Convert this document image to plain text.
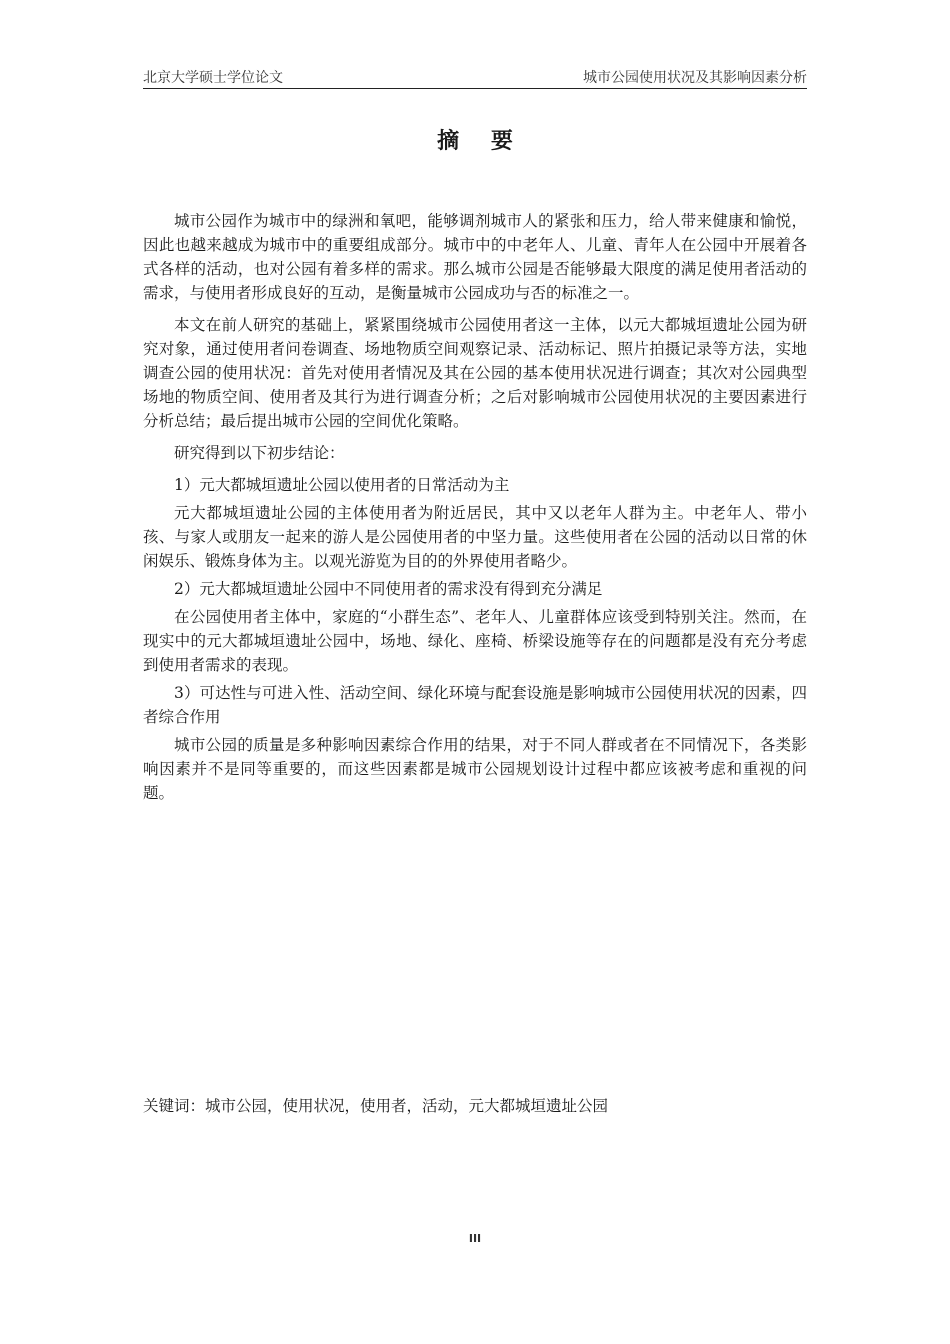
北京大学硕士学位论文	城市公园使用状况及其影响因素分析
摘 要

城市公园作为城市中的绿洲和氧吧，能够调剂城市人的紧张和压力，给人带来健康和愉悦，因此也越来越成为城市中的重要组成部分。城市中的中老年人、儿童、青年人在公园中开展着各式各样的活动，也对公园有着多样的需求。那么城市公园是否能够最大限度的满足使用者活动的需求，与使用者形成良好的互动，是衡量城市公园成功与否的标准之一。

本文在前人研究的基础上，紧紧围绕城市公园使用者这一主体，以元大都城垣遗址公园为研究对象，通过使用者问卷调查、场地物质空间观察记录、活动标记、照片拍摄记录等方法，实地调查公园的使用状况：首先对使用者情况及其在公园的基本使用状况进行调查；其次对公园典型场地的物质空间、使用者及其行为进行调查分析；之后对影响城市公园使用状况的主要因素进行分析总结；最后提出城市公园的空间优化策略。

研究得到以下初步结论：

1）元大都城垣遗址公园以使用者的日常活动为主

元大都城垣遗址公园的主体使用者为附近居民，其中又以老年人群为主。中老年人、带小孩、与家人或朋友一起来的游人是公园使用者的中坚力量。这些使用者在公园的活动以日常的休闲娱乐、锻炼身体为主。以观光游览为目的的外界使用者略少。

2）元大都城垣遗址公园中不同使用者的需求没有得到充分满足

在公园使用者主体中，家庭的“小群生态”、老年人、儿童群体应该受到特别关注。然而，在现实中的元大都城垣遗址公园中，场地、绿化、座椅、桥梁设施等存在的问题都是没有充分考虑到使用者需求的表现。

3）可达性与可进入性、活动空间、绿化环境与配套设施是影响城市公园使用状况的因素，四者综合作用

城市公园的质量是多种影响因素综合作用的结果，对于不同人群或者在不同情况下，各类影响因素并不是同等重要的，而这些因素都是城市公园规划设计过程中都应该被考虑和重视的问题。

关键词：城市公园，使用状况，使用者，活动，元大都城垣遗址公园
III
